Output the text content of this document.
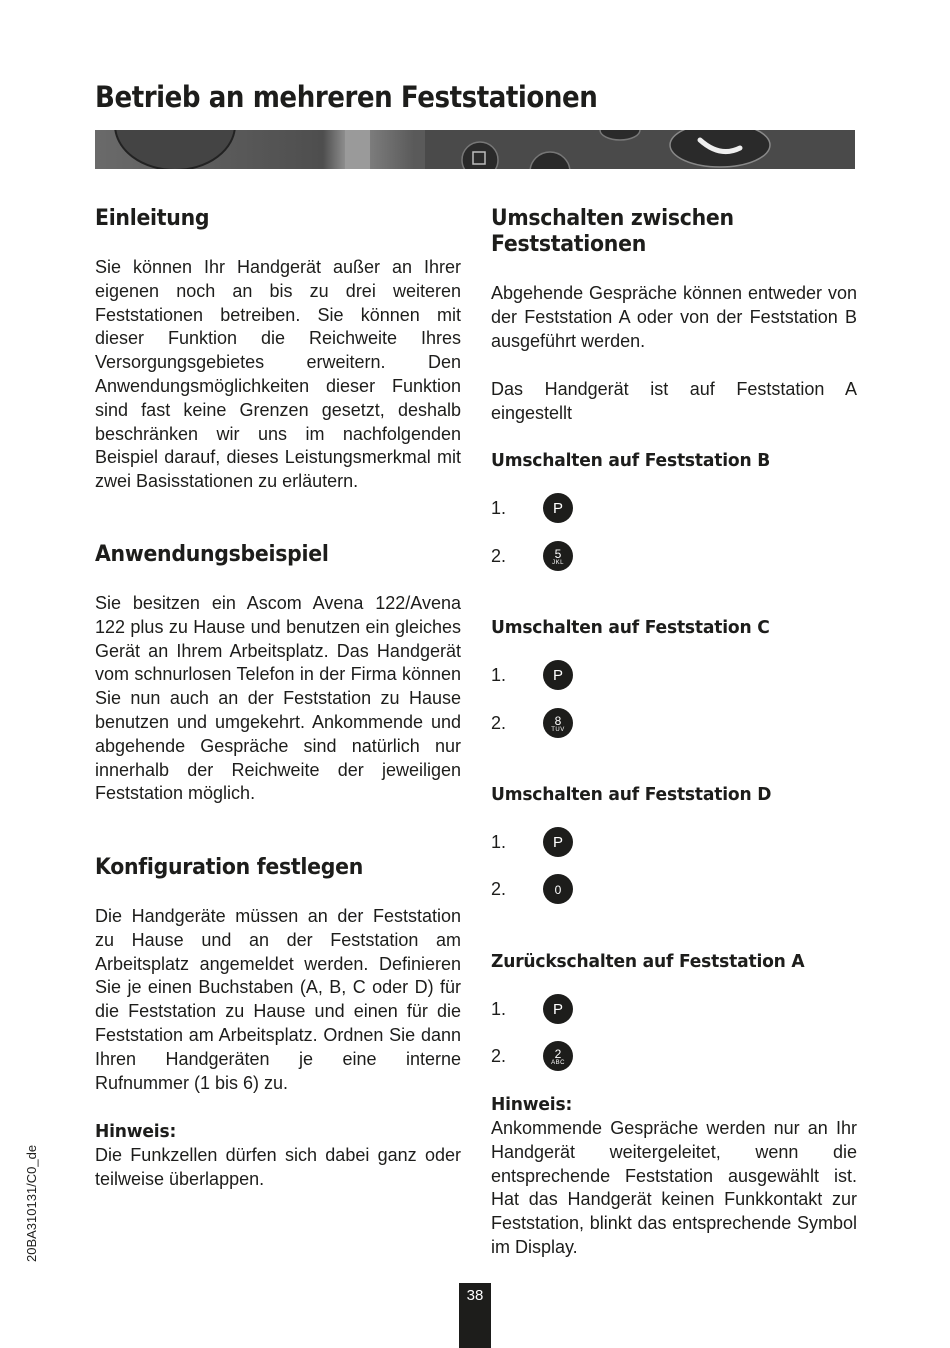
Betrieb an mehreren Feststationen
Einleitung

Sie können Ihr Handgerät außer an Ihrer eigenen noch an bis zu drei weiteren Feststationen betreiben. Sie können mit dieser Funktion die Reichweite Ihres Versorgungsgebietes erweitern. Den Anwendungsmöglichkeiten dieser Funktion sind fast keine Grenzen gesetzt, deshalb beschränken wir uns im nachfolgenden Beispiel darauf, dieses Leistungsmerkmal mit zwei Basisstationen zu erläutern.

Anwendungsbeispiel

Sie besitzen ein Ascom Avena 122/Avena 122 plus zu Hause und benutzen ein gleiches Gerät an Ihrem Arbeitsplatz. Das Handgerät vom schnurlosen Telefon in der Firma können Sie nun auch an der Feststation zu Hause benutzen und umgekehrt. Ankommende und abgehende Gespräche sind natürlich nur innerhalb der Reichweite der jeweiligen Feststation möglich.

Konfiguration festlegen

Die Handgeräte müssen an der Feststation zu Hause und an der Feststation am Arbeitsplatz angemeldet werden. Definieren Sie je einen Buchstaben (A, B, C oder D) für die Feststation zu Hause und einen für die Feststation am Arbeitsplatz. Ordnen Sie dann Ihren Handgeräten je eine interne Rufnummer (1 bis 6) zu.

Hinweis:

Die Funkzellen dürfen sich dabei ganz oder teilweise überlappen.

Umschalten zwischen
Feststationen

Abgehende Gespräche können entweder von der Feststation A oder von der Feststation B ausgeführt werden.

Das Handgerät ist auf Feststation A eingestellt

Umschalten auf Feststation B
1.	P
2.	5
JKL
Umschalten auf Feststation C
1.	P
2.	8
TUV
Umschalten auf Feststation D
1.	P
2.	0
Zurückschalten auf Feststation A
1.	P
2.	2
ABC
Hinweis:

Ankommende Gespräche werden nur an Ihr Handgerät weitergeleitet, wenn die entsprechende Feststation ausgewählt ist. Hat das Handgerät keinen Funkkontakt zur Feststation, blinkt das entsprechende Symbol im Display.

20BA310131/C0_de
38
